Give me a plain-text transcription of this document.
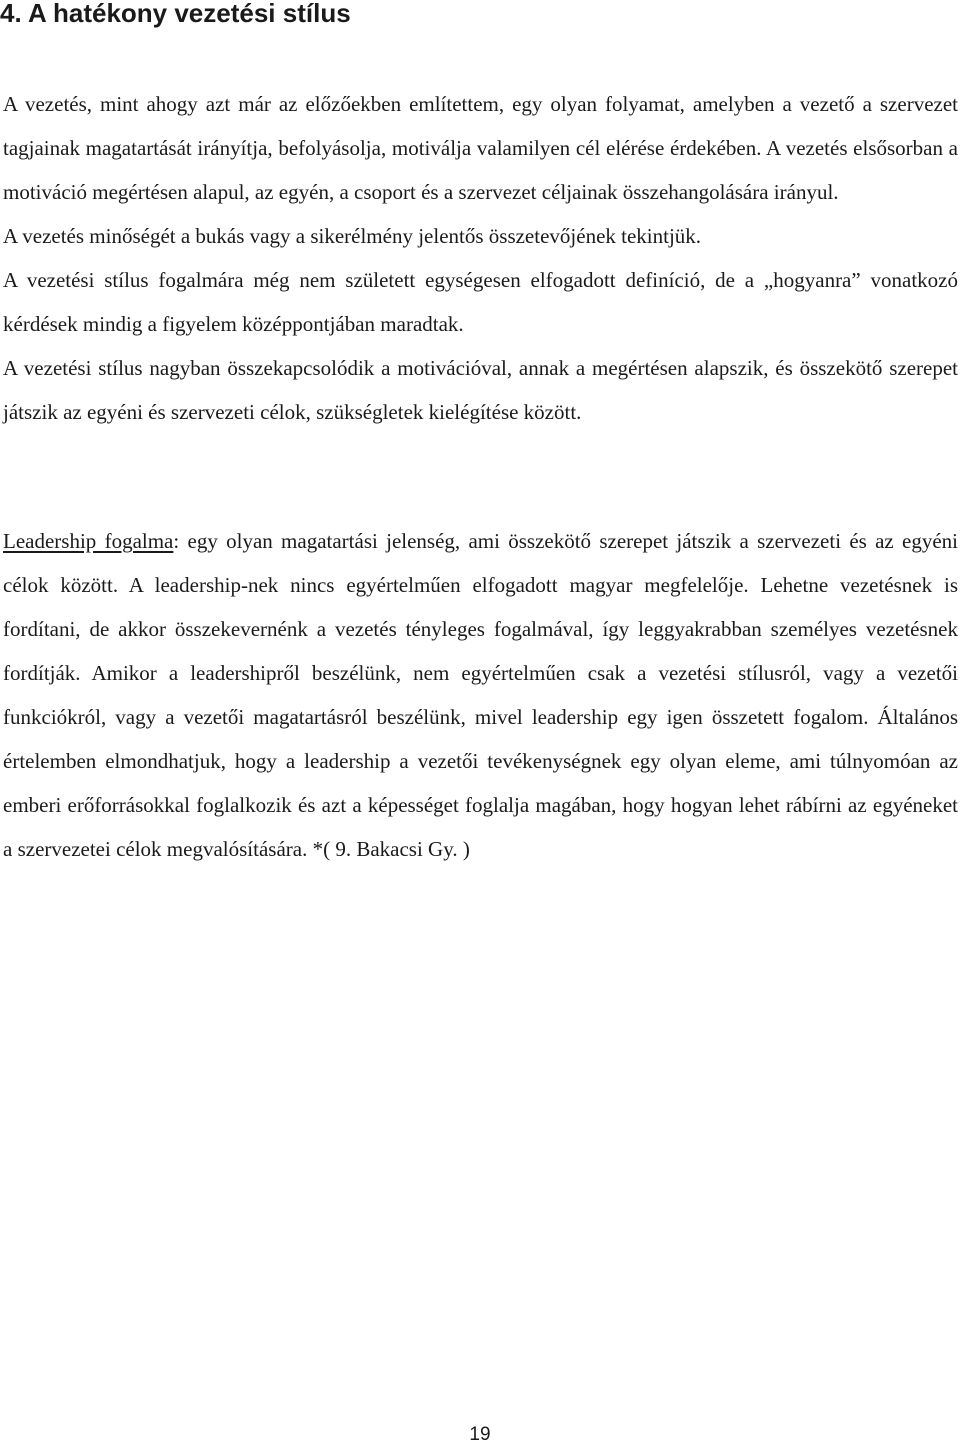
4. A hatékony vezetési stílus

A vezetés, mint ahogy azt már az előzőekben említettem, egy olyan folyamat, amelyben a vezető a szervezet tagjainak magatartását irányítja, befolyásolja, motiválja valamilyen cél elérése érdekében. A vezetés elsősorban a motiváció megértésen alapul, az egyén, a csoport és a szervezet céljainak összehangolására irányul.

A vezetés minőségét a bukás vagy a sikerélmény jelentős összetevőjének tekintjük.

A vezetési stílus fogalmára még nem született egységesen elfogadott definíció, de a „hogyanra” vonatkozó kérdések mindig a figyelem középpontjában maradtak.

A vezetési stílus nagyban összekapcsolódik a motivációval, annak a megértésen alapszik, és összekötő szerepet játszik az egyéni és szervezeti célok, szükségletek kielégítése között.

Leadership fogalma: egy olyan magatartási jelenség, ami összekötő szerepet játszik a szervezeti és az egyéni célok között. A leadership-nek nincs egyértelműen elfogadott magyar megfelelője. Lehetne vezetésnek is fordítani, de akkor összekevernénk a vezetés tényleges fogalmával, így leggyakrabban személyes vezetésnek fordítják. Amikor a leadershipről beszélünk, nem egyértelműen csak a vezetési stílusról, vagy a vezetői funkciókról, vagy a vezetői magatartásról beszélünk, mivel leadership egy igen összetett fogalom. Általános értelemben elmondhatjuk, hogy a leadership a vezetői tevékenységnek egy olyan eleme, ami túlnyomóan az emberi erőforrásokkal foglalkozik és azt a képességet foglalja magában, hogy hogyan lehet rábírni az egyéneket a szervezetei célok megvalósítására. *( 9. Bakacsi Gy. )

19
